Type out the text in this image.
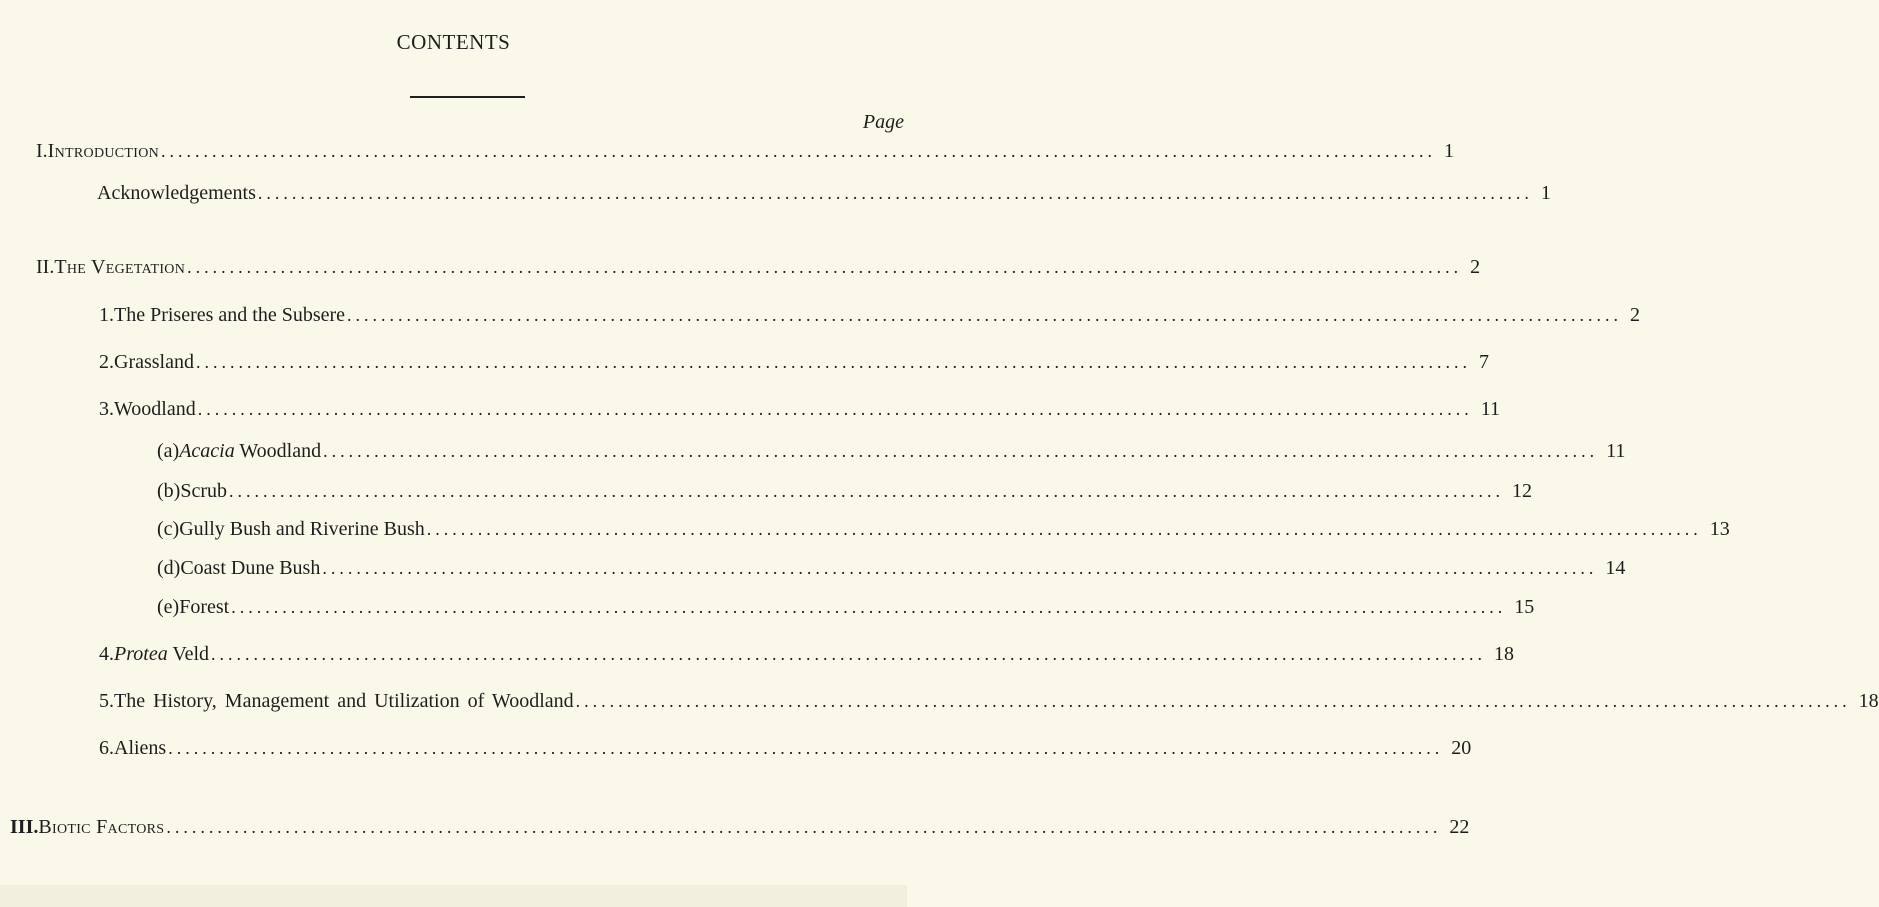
CONTENTS
Page
I. Introduction ...................................................................................................................................................... 1
Acknowledgements ...................................................................................................................................................... 1
II. The Vegetation ...................................................................................................................................................... 2
1. The Priseres and the Subsere ...................................................................................................................................................... 2
2. Grassland ...................................................................................................................................................... 7
3. Woodland ...................................................................................................................................................... 11
(a) Acacia Woodland ...................................................................................................................................................... 11
(b) Scrub ...................................................................................................................................................... 12
(c) Gully Bush and Riverine Bush ...................................................................................................................................................... 13
(d) Coast Dune Bush ...................................................................................................................................................... 14
(e) Forest ...................................................................................................................................................... 15
4. Protea Veld ...................................................................................................................................................... 18
5. The History, Management and Utilization of Woodland ...................................................................................................................................................... 18
6. Aliens ...................................................................................................................................................... 20
III. Biotic Factors ...................................................................................................................................................... 22
